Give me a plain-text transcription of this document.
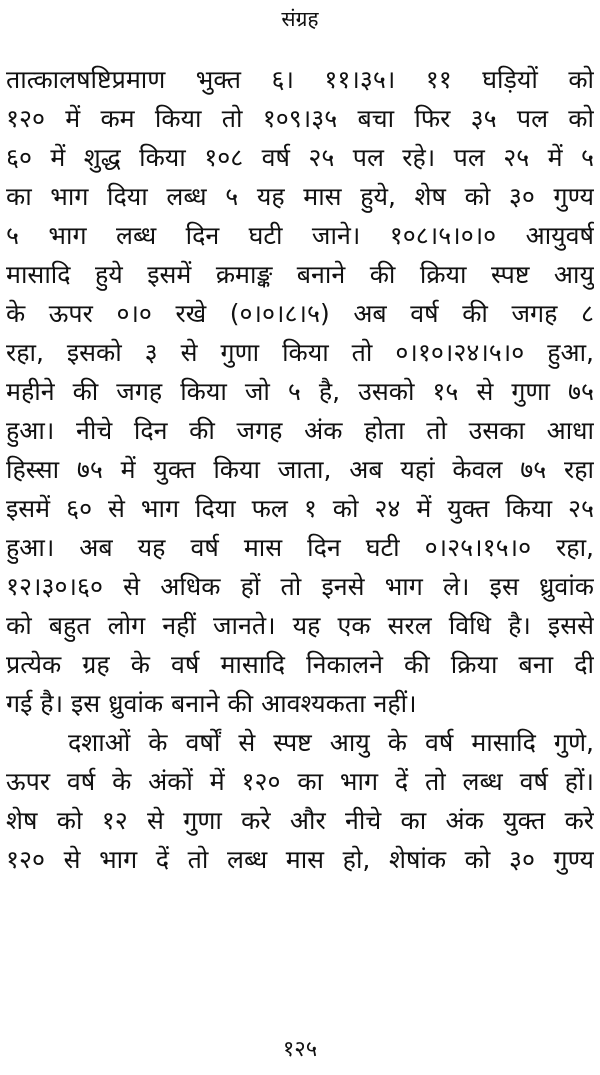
संग्रह
तात्कालषष्टिप्रमाण भुक्त ६। ११।३५। ११ घड़ियों को
१२० में कम किया तो १०९।३५ बचा फिर ३५ पल को
६० में शुद्ध किया १०८ वर्ष २५ पल रहे। पल २५ में ५
का भाग दिया लब्ध ५ यह मास हुये, शेष को ३० गुण्य
५ भाग लब्ध दिन घटी जाने। १०८।५।०।० आयुवर्ष
मासादि हुये इसमें क्रमाङ्क बनाने की क्रिया स्पष्ट आयु
के ऊपर ०।० रखे (०।०।८।५) अब वर्ष की जगह ८
रहा, इसको ३ से गुणा किया तो ०।१०।२४।५।० हुआ,
महीने की जगह किया जो ५ है, उसको १५ से गुणा ७५
हुआ। नीचे दिन की जगह अंक होता तो उसका आधा
हिस्सा ७५ में युक्त किया जाता, अब यहां केवल ७५ रहा
इसमें ६० से भाग दिया फल १ को २४ में युक्त किया २५
हुआ। अब यह वर्ष मास दिन घटी ०।२५।१५।० रहा,
१२।३०।६० से अधिक हों तो इनसे भाग ले। इस ध्रुवांक
को बहुत लोग नहीं जानते। यह एक सरल विधि है। इससे
प्रत्येक ग्रह के वर्ष मासादि निकालने की क्रिया बना दी
गई है। इस ध्रुवांक बनाने की आवश्यकता नहीं।
दशाओं के वर्षों से स्पष्ट आयु के वर्ष मासादि गुणे,
ऊपर वर्ष के अंकों में १२० का भाग दें तो लब्ध वर्ष हों।
शेष को १२ से गुणा करे और नीचे का अंक युक्त करे
१२० से भाग दें तो लब्ध मास हो, शेषांक को ३० गुण्य
१२५
